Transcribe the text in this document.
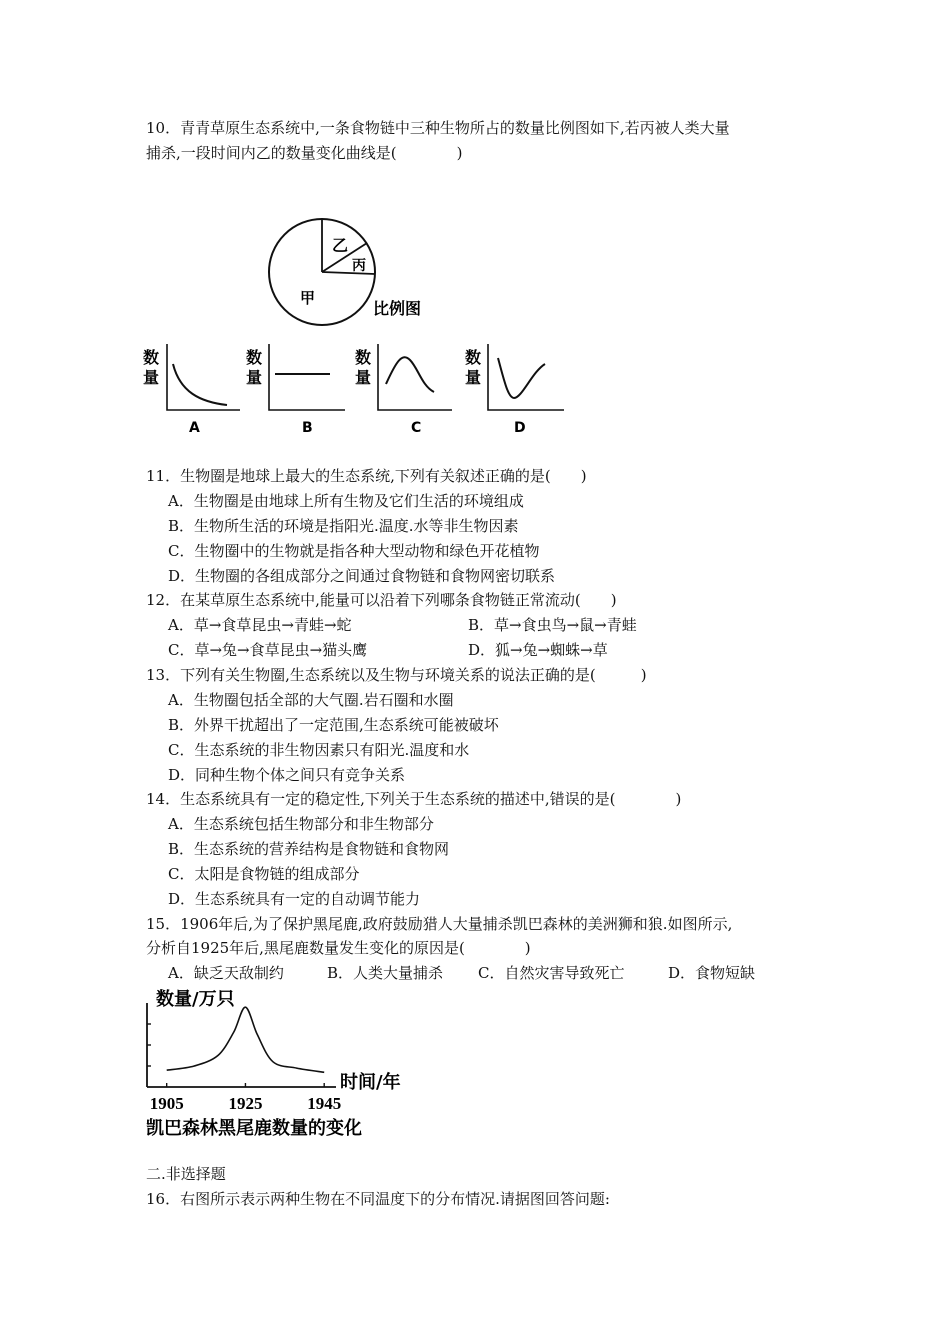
10．青青草原生态系统中,一条食物链中三种生物所占的数量比例图如下,若丙被人类大量
捕杀,一段时间内乙的数量变化曲线是(　　　　)
乙
丙
甲
比例图
数
量
A
数
量
B
数
量
C
数
量
D
11．生物圈是地球上最大的生态系统,下列有关叙述正确的是(　　)
A．生物圈是由地球上所有生物及它们生活的环境组成
B．生物所生活的环境是指阳光.温度.水等非生物因素
C．生物圈中的生物就是指各种大型动物和绿色开花植物
D．生物圈的各组成部分之间通过食物链和食物网密切联系
12．在某草原生态系统中,能量可以沿着下列哪条食物链正常流动(　　)
A．草→食草昆虫→青蛙→蛇	B．草→食虫鸟→鼠→青蛙
C．草→兔→食草昆虫→猫头鹰	D．狐→兔→蜘蛛→草
13．下列有关生物圈,生态系统以及生物与环境关系的说法正确的是(　　　)
A．生物圈包括全部的大气圈.岩石圈和水圈
B．外界干扰超出了一定范围,生态系统可能被破坏
C．生态系统的非生物因素只有阳光.温度和水
D．同种生物个体之间只有竞争关系
14．生态系统具有一定的稳定性,下列关于生态系统的描述中,错误的是(　　　　)
A．生态系统包括生物部分和非生物部分
B．生态系统的营养结构是食物链和食物网
C．太阳是食物链的组成部分
D．生态系统具有一定的自动调节能力
15．1906年后,为了保护黑尾鹿,政府鼓励猎人大量捕杀凯巴森林的美洲狮和狼.如图所示,
分析自1925年后,黑尾鹿数量发生变化的原因是(　　　　)
A．缺乏天敌制约	B．人类大量捕杀 C．自然灾害导致死亡	D．食物短缺
数量/万只
1905	1925	1945
时间/年
凯巴森林黑尾鹿数量的变化
二.非选择题
16．右图所示表示两种生物在不同温度下的分布情况.请据图回答问题:
